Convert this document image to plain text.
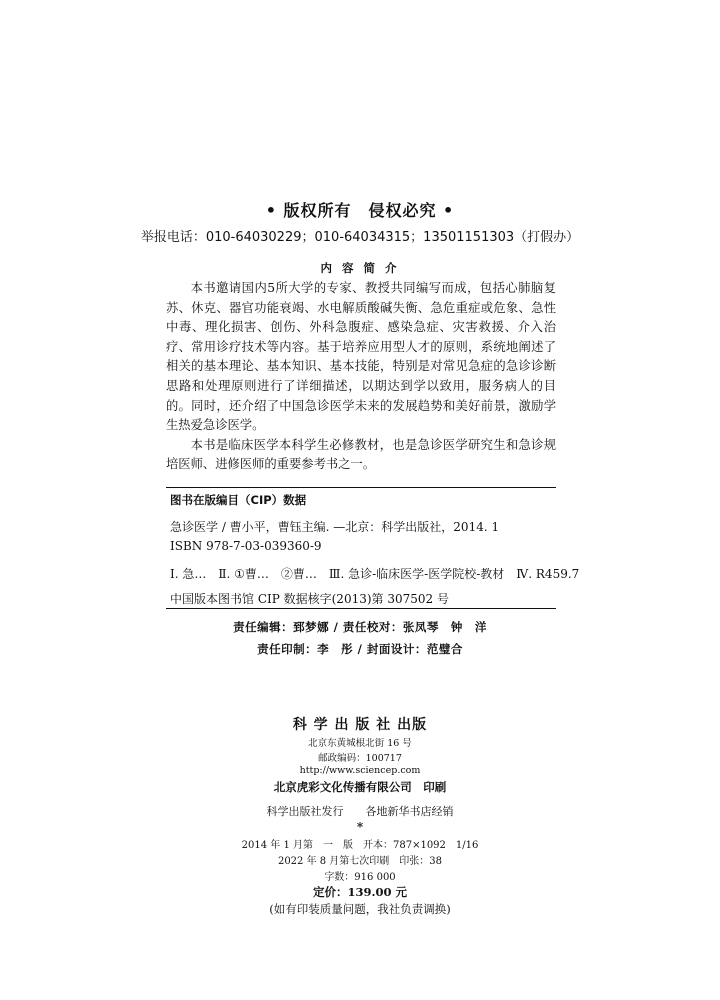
• 版权所有　侵权必究 •
举报电话：010-64030229；010-64034315；13501151303（打假办）
内 容 简 介

本书邀请国内5所大学的专家、教授共同编写而成，包括心肺脑复苏、休克、器官功能衰竭、水电解质酸碱失衡、急危重症或危象、急性中毒、理化损害、创伤、外科急腹症、感染急症、灾害救援、介入治疗、常用诊疗技术等内容。基于培养应用型人才的原则，系统地阐述了相关的基本理论、基本知识、基本技能，特别是对常见急症的急诊诊断思路和处理原则进行了详细描述，以期达到学以致用，服务病人的目的。同时，还介绍了中国急诊医学未来的发展趋势和美好前景，激励学生热爱急诊医学。

本书是临床医学本科学生必修教材，也是急诊医学研究生和急诊规培医师、进修医师的重要参考书之一。

图书在版编目（CIP）数据
急诊医学 / 曹小平，曹钰主编. —北京：科学出版社，2014. 1
ISBN 978-7-03-039360-9
Ⅰ. 急…　Ⅱ. ①曹…　②曹…　Ⅲ. 急诊-临床医学-医学院校-教材　Ⅳ. R459.7
中国版本图书馆 CIP 数据核字(2013)第 307502 号
责任编辑：郅梦娜 / 责任校对：张凤琴　钟　洋
责任印制：李　彤 / 封面设计：范璧合
科 学 出 版 社 出版
北京东黄城根北街 16 号
邮政编码：100717
http://www.sciencep.com
北京虎彩文化传播有限公司　印刷
科学出版社发行　　各地新华书店经销
*
2014 年 1 月第　一　版　开本：787×1092　1/16
2022 年 8 月第七次印刷　印张：38
字数：916 000
定价：139.00 元
(如有印装质量问题，我社负责调换)
